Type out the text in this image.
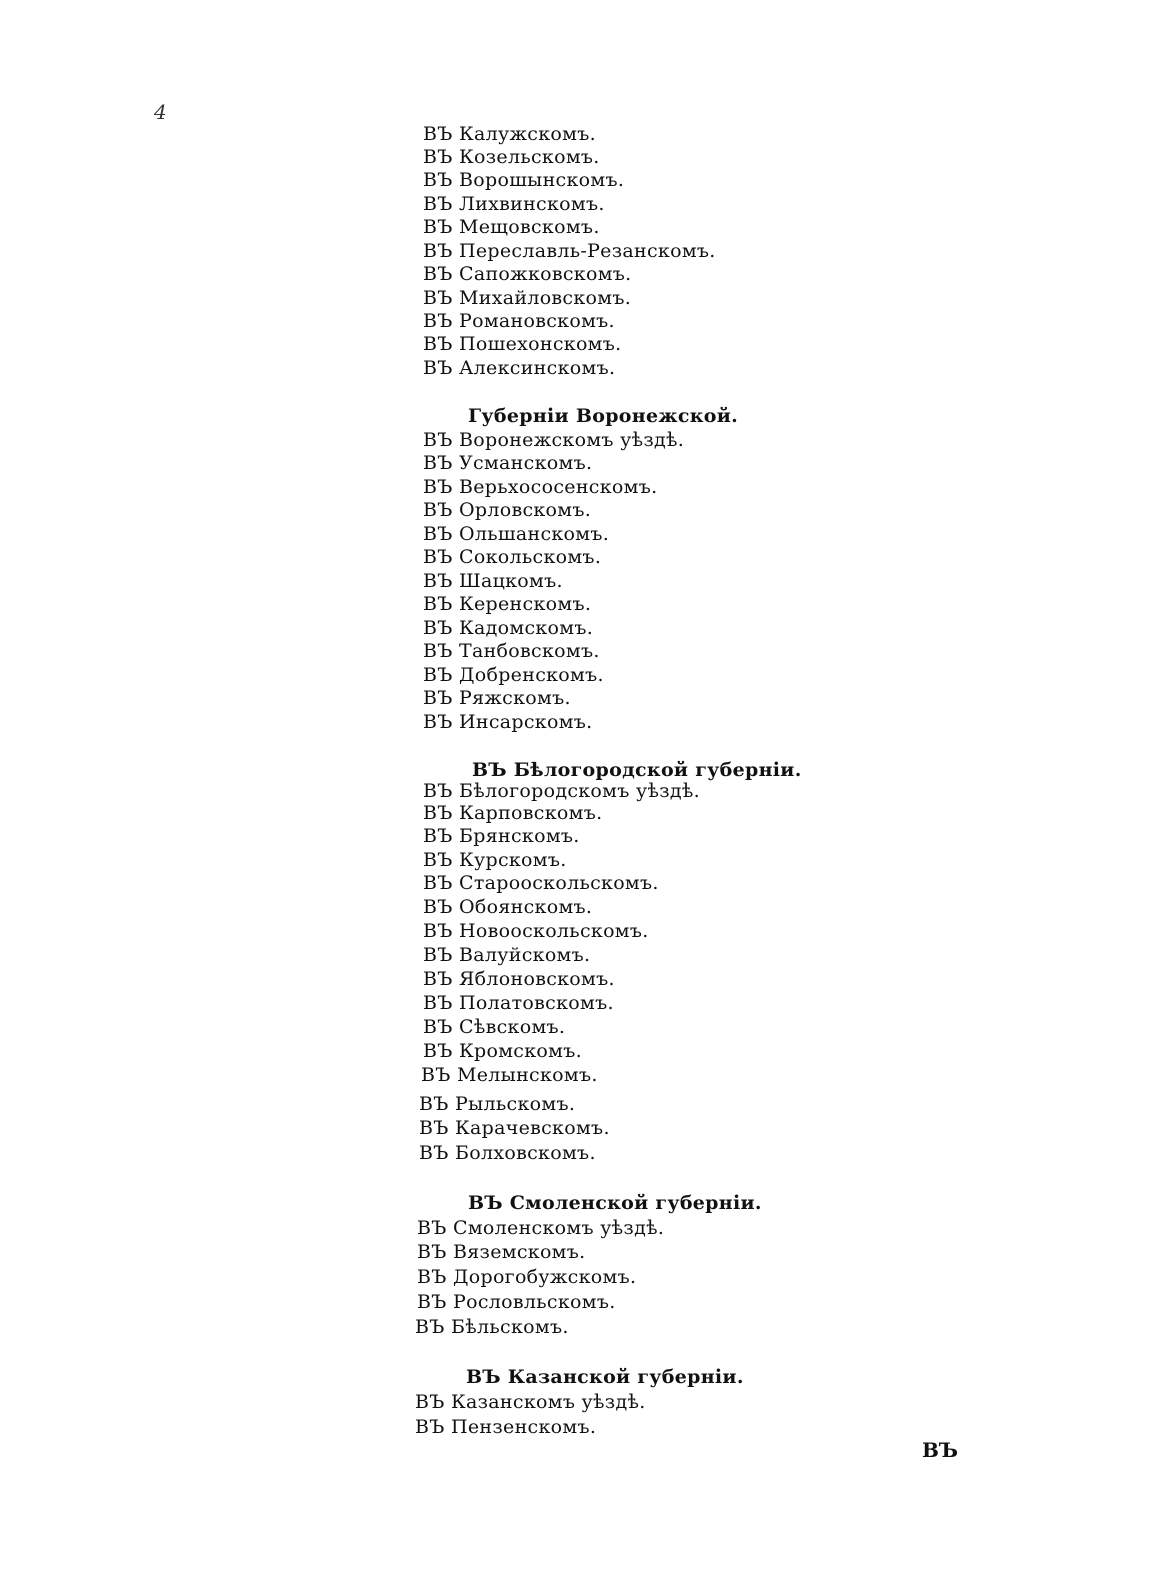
4
ВЪ Калужскомъ.
ВЪ Козельскомъ.
ВЪ Ворошынскомъ.
ВЪ Лихвинскомъ.
ВЪ Мещовскомъ.
ВЪ Переславль-Резанскомъ.
ВЪ Сапожковскомъ.
ВЪ Михайловскомъ.
ВЪ Романовскомъ.
ВЪ Пошехонскомъ.
ВЪ Алексинскомъ.
Губерніи Воронежской.
ВЪ Воронежскомъ уѣздѣ.
ВЪ Усманскомъ.
ВЪ Верьхососенскомъ.
ВЪ Орловскомъ.
ВЪ Ольшанскомъ.
ВЪ Сокольскомъ.
ВЪ Шацкомъ.
ВЪ Керенскомъ.
ВЪ Кадомскомъ.
ВЪ Танбовскомъ.
ВЪ Добренскомъ.
ВЪ Ряжскомъ.
ВЪ Инсарскомъ.
ВЪ Бѣлогородской губерніи.
ВЪ Бѣлогородскомъ уѣздѣ.
ВЪ Карповскомъ.
ВЪ Брянскомъ.
ВЪ Курскомъ.
ВЪ Старооскольскомъ.
ВЪ Обоянскомъ.
ВЪ Новооскольскомъ.
ВЪ Валуйскомъ.
ВЪ Яблоновскомъ.
ВЪ Полатовскомъ.
ВЪ Сѣвскомъ.
ВЪ Кромскомъ.
ВЪ Мелынскомъ.
ВЪ Рыльскомъ.
ВЪ Карачевскомъ.
ВЪ Болховскомъ.
ВЪ Смоленской губерніи.
ВЪ Смоленскомъ уѣздѣ.
ВЪ Вяземскомъ.
ВЪ Дорогобужскомъ.
ВЪ Рословльскомъ.
ВЪ Бѣльскомъ.
ВЪ Казанской губерніи.
ВЪ Казанскомъ уѣздѣ.
ВЪ Пензенскомъ.
ВЪ
